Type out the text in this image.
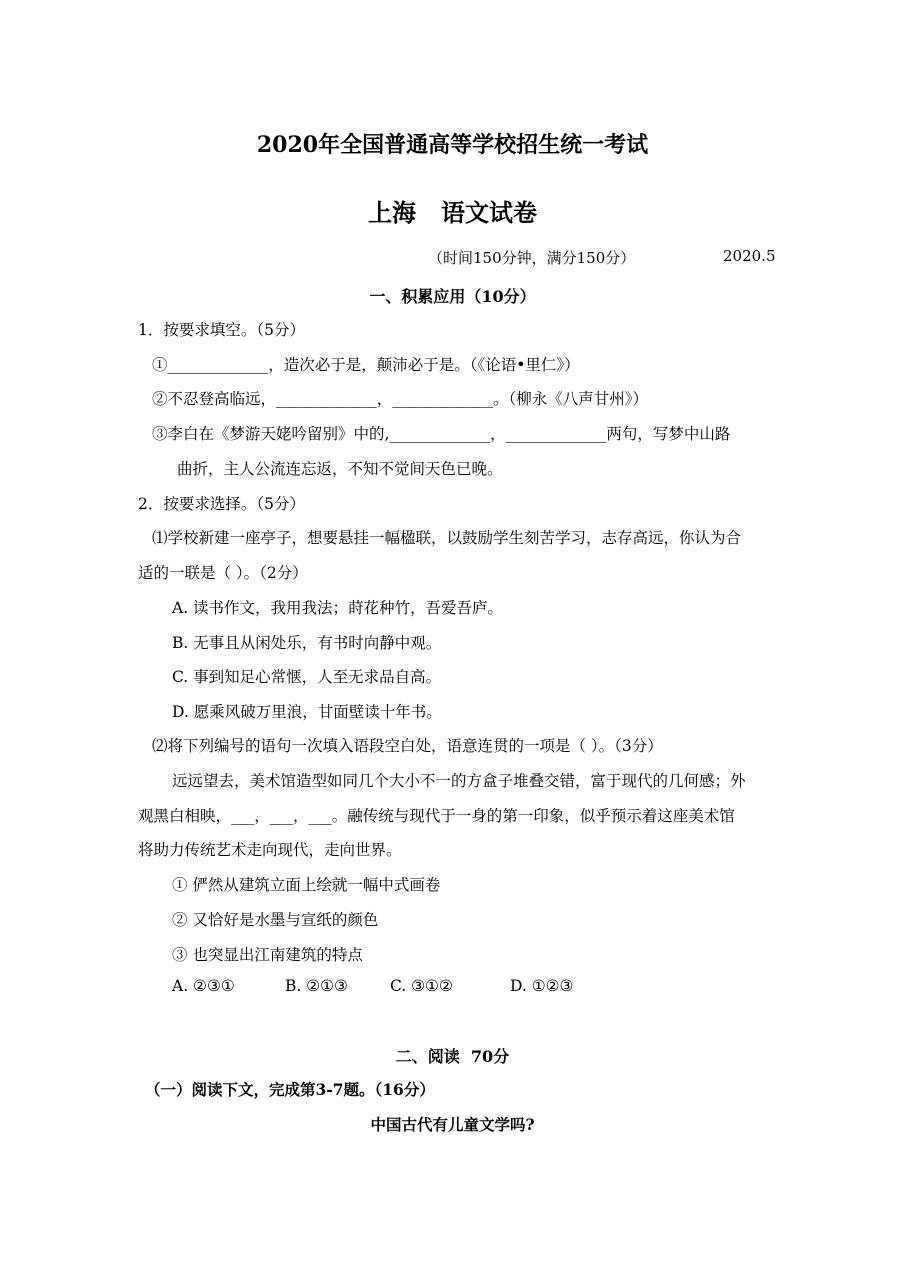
2020年全国普通高等学校招生统一考试
上海   语文试卷
（时间150分钟，满分150分）	2020.5
一、积累应用（10分）
1．按要求填空。（5分）
①_____________，造次必于是，颠沛必于是。（《论语•里仁》）
②不忍登高临远，_____________，_____________。（柳永《八声甘州》）
③李白在《梦游天姥吟留别》中的,_____________，_____________两句，写梦中山路
曲折，主人公流连忘返，不知不觉间天色已晚。
2．按要求选择。（5分）
⑴学校新建一座亭子，想要悬挂一幅楹联，以鼓励学生刻苦学习，志存高远，你认为合
适的一联是（ ）。（2分）
A. 读书作文，我用我法；莳花种竹，吾爱吾庐。
B. 无事且从闲处乐，有书时向静中观。
C. 事到知足心常惬，人至无求品自高。
D. 愿乘风破万里浪，甘面壁读十年书。
⑵将下列编号的语句一次填入语段空白处，语意连贯的一项是（ ）。（3分）
远远望去，美术馆造型如同几个大小不一的方盒子堆叠交错，富于现代的几何感；外
观黑白相映，___，___，___。融传统与现代于一身的第一印象，似乎预示着这座美术馆
将助力传统艺术走向现代，走向世界。
① 俨然从建筑立面上绘就一幅中式画卷
② 又恰好是水墨与宣纸的颜色
③ 也突显出江南建筑的特点
A. ②③①	B. ②①③	C. ③①②	D. ①②③
二、阅读  70分
（一）阅读下文，完成第3-7题。（16分）
中国古代有儿童文学吗?
